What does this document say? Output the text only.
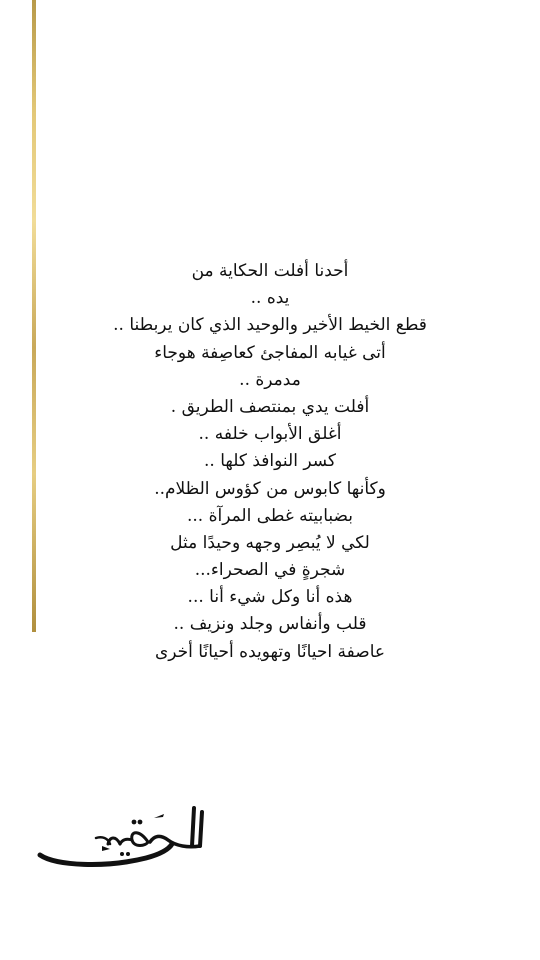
أحدنا أفلت الحكاية من
يده ..
قطع الخيط الأخير والوحيد الذي كان يربطنا ..
أتى غيابه المفاجئ كعاصِفة هوجاء
مدمرة ..
أفلت يدي بمنتصف الطريق .
أغلق الأبواب خلفه ..
كسر النوافذ كلها ..
وكأنها كابوس من كؤوس الظلام..
بضبابيته غطى المرآة ...
لكي لا يُبصِر وجهه وحيدًا مثل
شجرةٍ في الصحراء...
هذه أنا وكل شيء أنا ...
قلب وأنفاس وجلد ونزيف ..
عاصفة احيانًا وتهويده أحيانًا أخرى
